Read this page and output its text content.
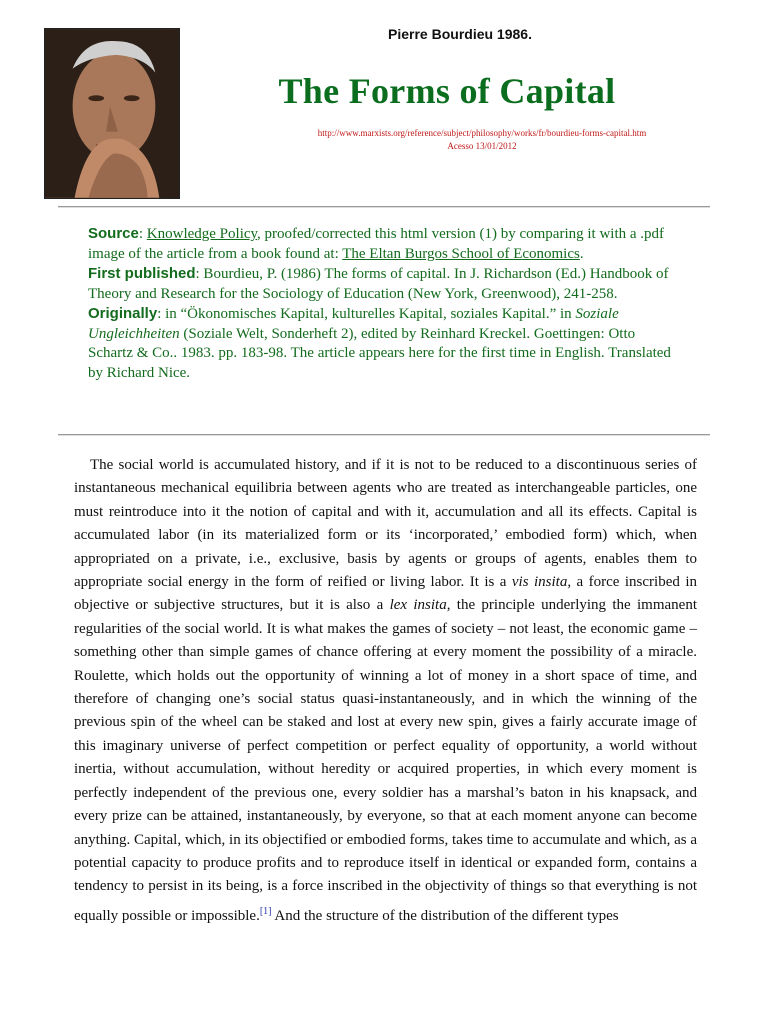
Pierre Bourdieu 1986.
The Forms of Capital
http://www.marxists.org/reference/subject/philosophy/works/fr/bourdieu-forms-capital.htm
Acesso 13/01/2012
Source: Knowledge Policy, proofed/corrected this html version (1) by comparing it with a .pdf image of the article from a book found at: The Eltan Burgos School of Economics.
First published: Bourdieu, P. (1986) The forms of capital. In J. Richardson (Ed.) Handbook of Theory and Research for the Sociology of Education (New York, Greenwood), 241-258.
Originally: in “Ökonomisches Kapital, kulturelles Kapital, soziales Kapital.” in Soziale Ungleichheiten (Soziale Welt, Sonderheft 2), edited by Reinhard Kreckel. Goettingen: Otto Schartz & Co.. 1983. pp. 183-98. The article appears here for the first time in English. Translated by Richard Nice.

The social world is accumulated history, and if it is not to be reduced to a discontinuous series of instantaneous mechanical equilibria between agents who are treated as interchangeable particles, one must reintroduce into it the notion of capital and with it, accumulation and all its effects. Capital is accumulated labor (in its materialized form or its ‘incorporated,’ embodied form) which, when appropriated on a private, i.e., exclusive, basis by agents or groups of agents, enables them to appropriate social energy in the form of reified or living labor. It is a vis insita, a force inscribed in objective or subjective structures, but it is also a lex insita, the principle underlying the immanent regularities of the social world. It is what makes the games of society – not least, the economic game – something other than simple games of chance offering at every moment the possibility of a miracle. Roulette, which holds out the opportunity of winning a lot of money in a short space of time, and therefore of changing one’s social status quasi-instantaneously, and in which the winning of the previous spin of the wheel can be staked and lost at every new spin, gives a fairly accurate image of this imaginary universe of perfect competition or perfect equality of opportunity, a world without inertia, without accumulation, without heredity or acquired properties, in which every moment is perfectly independent of the previous one, every soldier has a marshal’s baton in his knapsack, and every prize can be attained, instantaneously, by everyone, so that at each moment anyone can become anything. Capital, which, in its objectified or embodied forms, takes time to accumulate and which, as a potential capacity to produce profits and to reproduce itself in identical or expanded form, contains a tendency to persist in its being, is a force inscribed in the objectivity of things so that everything is not equally possible or impossible.[1] And the structure of the distribution of the different types
